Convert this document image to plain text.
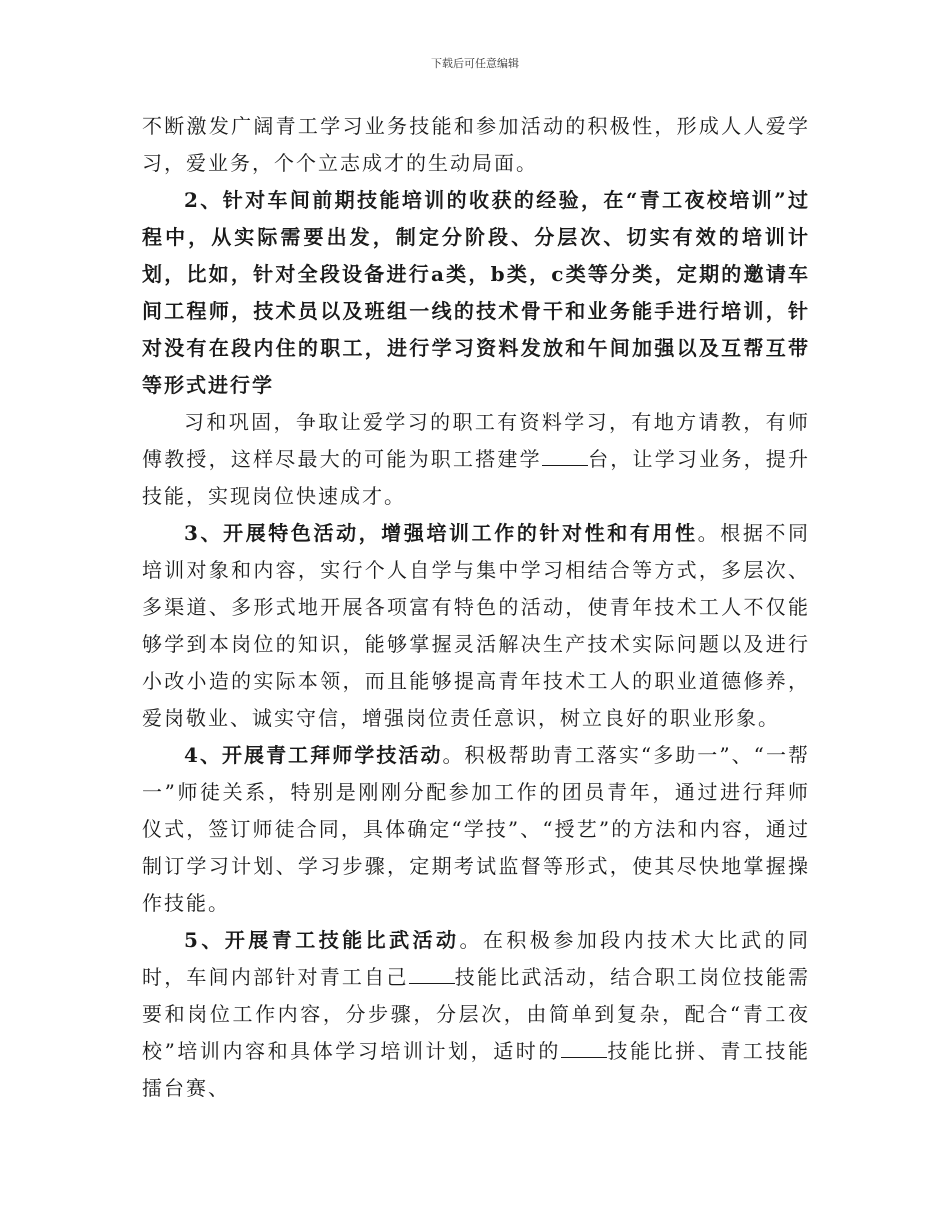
下载后可任意编辑

不断激发广阔青工学习业务技能和参加活动的积极性，形成人人爱学习，爱业务，个个立志成才的生动局面。

2、针对车间前期技能培训的收获的经验，在“青工夜校培训”过程中，从实际需要出发，制定分阶段、分层次、切实有效的培训计划，比如，针对全段设备进行a类，b类，c类等分类，定期的邀请车间工程师，技术员以及班组一线的技术骨干和业务能手进行培训，针对没有在段内住的职工，进行学习资料发放和午间加强以及互帮互带等形式进行学

习和巩固，争取让爱学习的职工有资料学习，有地方请教，有师傅教授，这样尽最大的可能为职工搭建学 台，让学习业务，提升技能，实现岗位快速成才。

3、开展特色活动，增强培训工作的针对性和有用性。根据不同培训对象和内容，实行个人自学与集中学习相结合等方式，多层次、多渠道、多形式地开展各项富有特色的活动，使青年技术工人不仅能够学到本岗位的知识，能够掌握灵活解决生产技术实际问题以及进行小改小造的实际本领，而且能够提高青年技术工人的职业道德修养，爱岗敬业、诚实守信，增强岗位责任意识，树立良好的职业形象。

4、开展青工拜师学技活动。积极帮助青工落实“多助一”、“一帮一”师徒关系，特别是刚刚分配参加工作的团员青年，通过进行拜师仪式，签订师徒合同，具体确定“学技”、“授艺”的方法和内容，通过制订学习计划、学习步骤，定期考试监督等形式，使其尽快地掌握操作技能。

5、开展青工技能比武活动。在积极参加段内技术大比武的同时，车间内部针对青工自己 技能比武活动，结合职工岗位技能需要和岗位工作内容，分步骤，分层次，由简单到复杂，配合“青工夜校”培训内容和具体学习培训计划，适时的 技能比拼、青工技能擂台赛、
